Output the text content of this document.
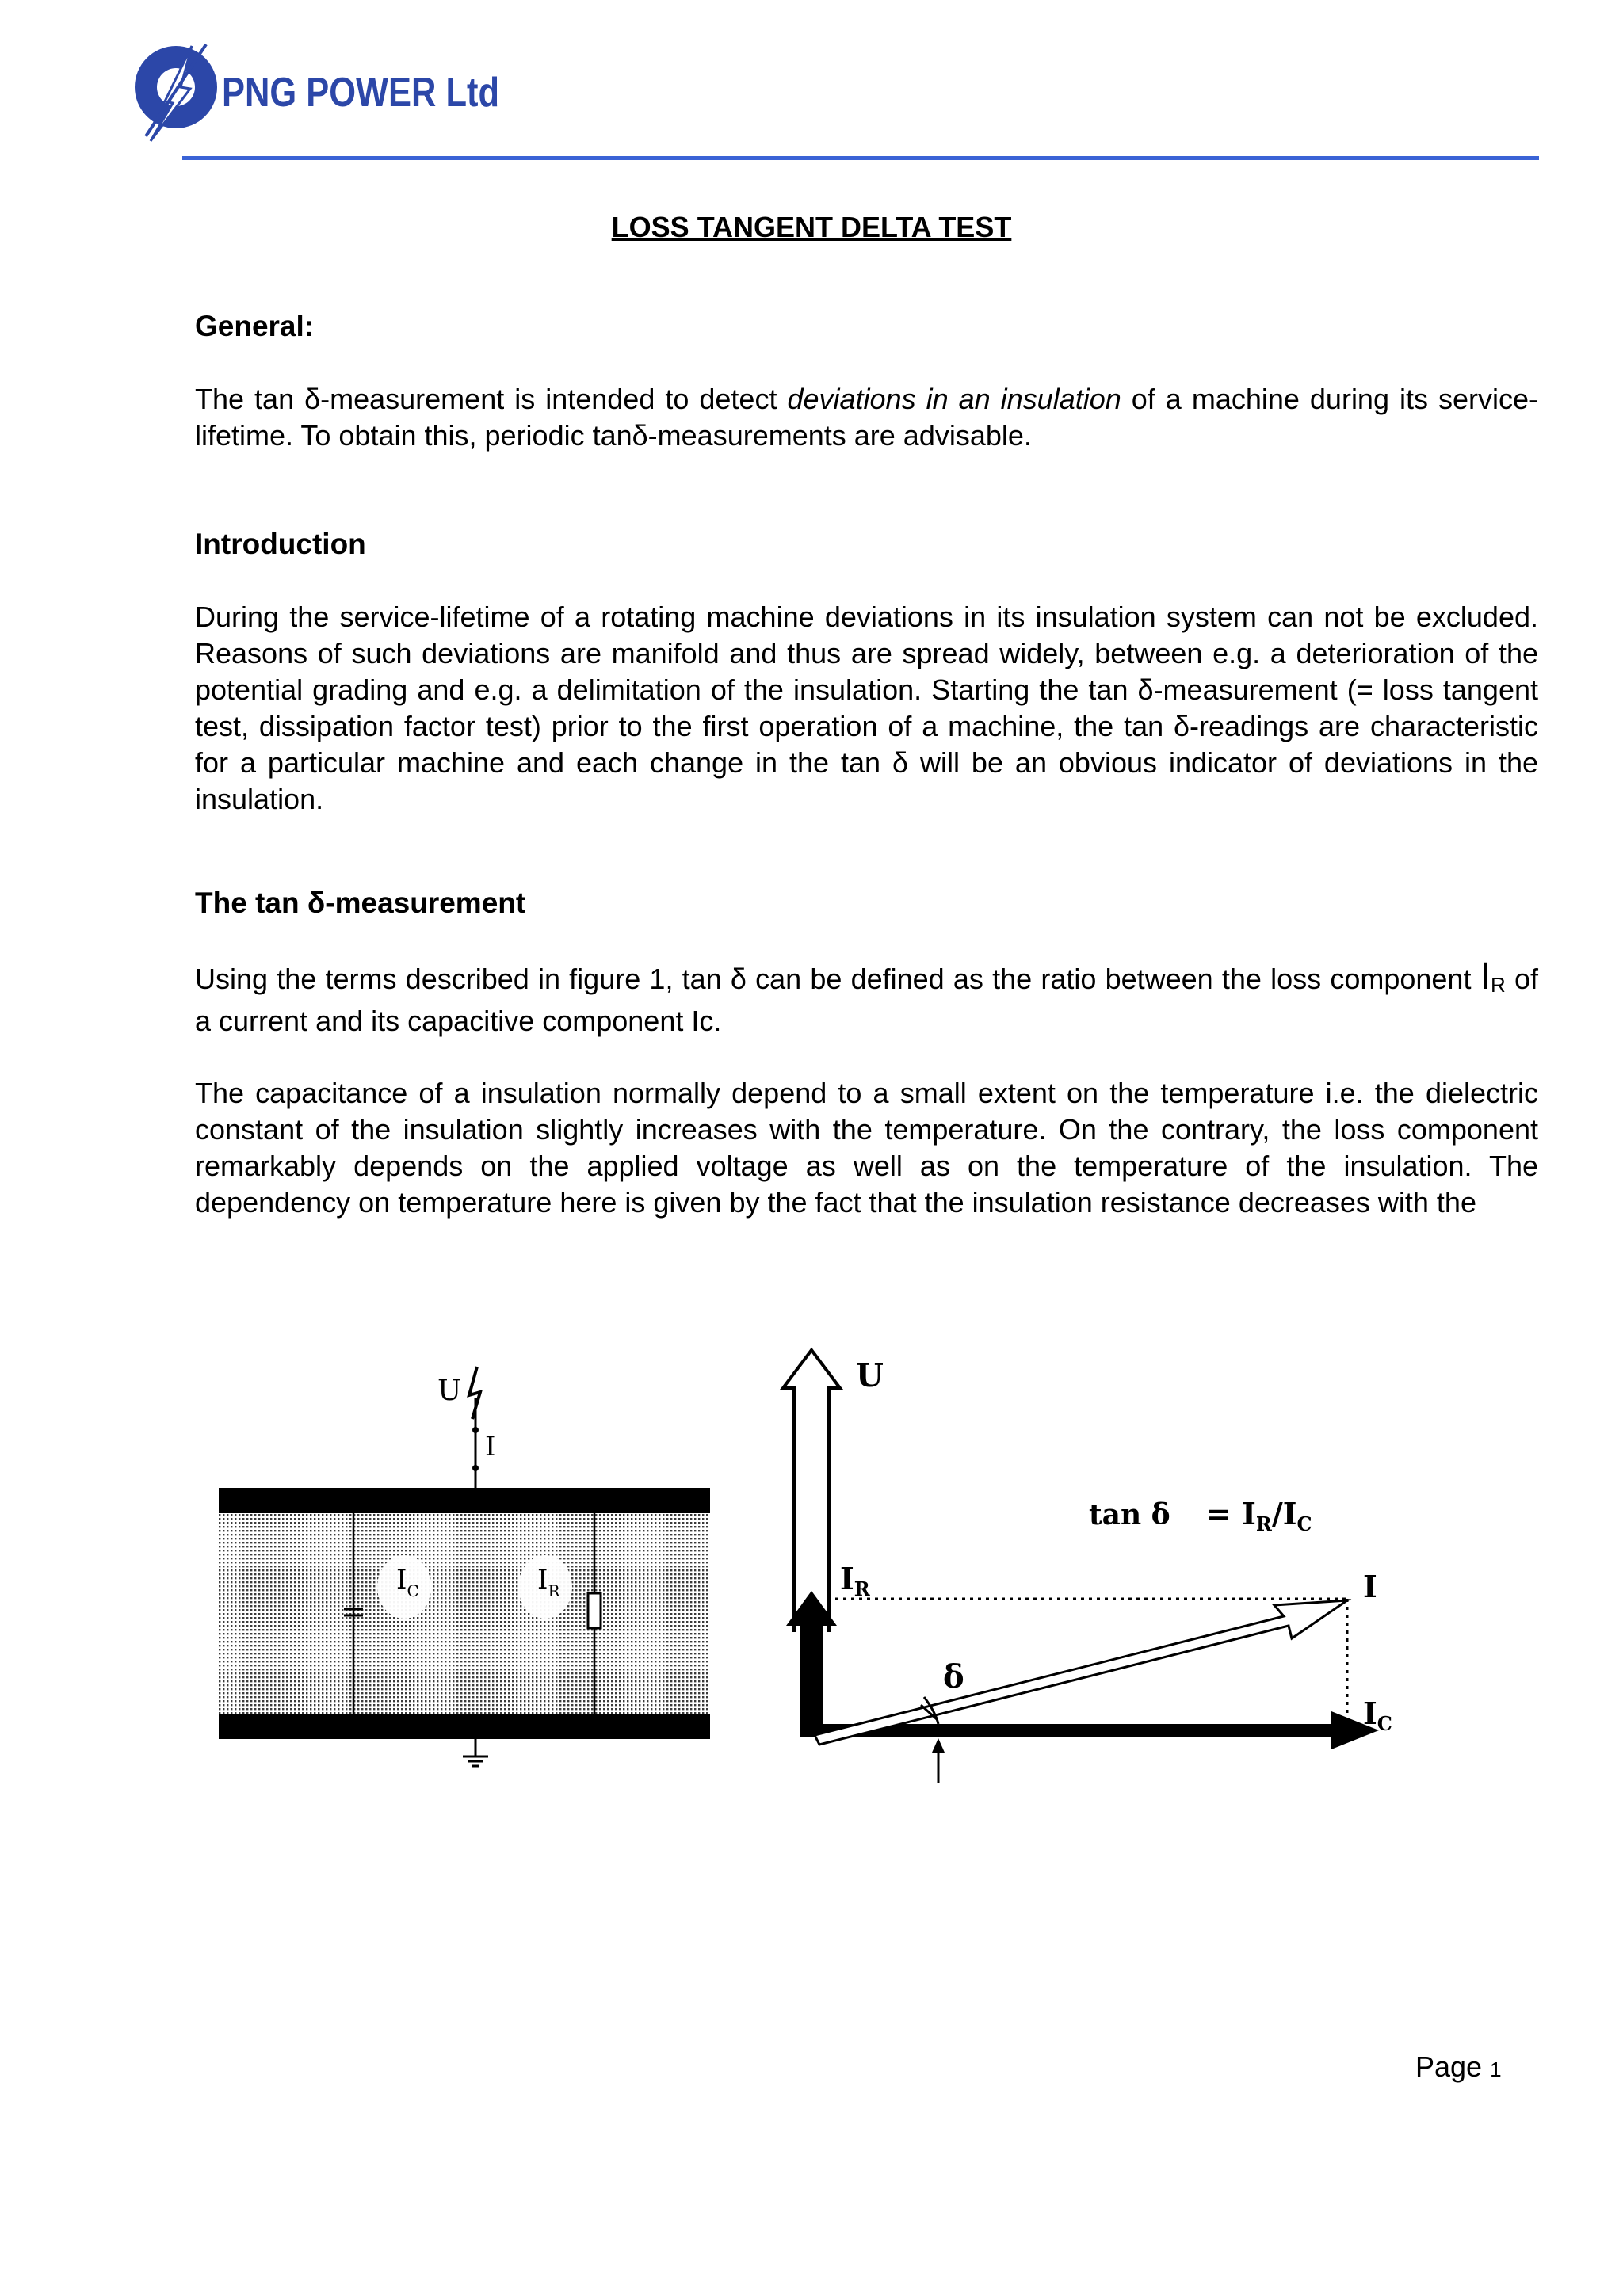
PNG POWER Ltd
LOSS TANGENT DELTA TEST
General:

The tan δ-measurement is intended to detect deviations in an insulation of a machine during its service-lifetime. To obtain this, periodic tanδ-measurements are advisable.

Introduction

During the service-lifetime of a rotating machine deviations in its insulation system can not be excluded. Reasons of such deviations are manifold and thus are spread widely, between e.g. a deterioration of the potential grading and e.g. a delimitation of the insulation. Starting the tan δ-measurement (= loss tangent test, dissipation factor test) prior to the first operation of a machine, the tan δ-readings are characteristic for a particular machine and each change in the tan δ will be an obvious indicator of deviations in the insulation.

The tan δ-measurement

Using the terms described in figure 1, tan δ can be defined as the ratio between the loss component IR of a current and its capacitive component Ic.

The capacitance of a insulation normally depend to a small extent on the temperature i.e. the dielectric constant of the insulation slightly increases with the temperature. On the contrary, the loss component remarkably depends on the applied voltage as well as on the temperature of the insulation. The dependency on temperature here is given by the fact that the insulation resistance decreases with the

U
I
$I_C$	$I_R$
U
$I_R$	I
$I_C$
δ
$\tan \delta = I_R/I_C$
Page 1
